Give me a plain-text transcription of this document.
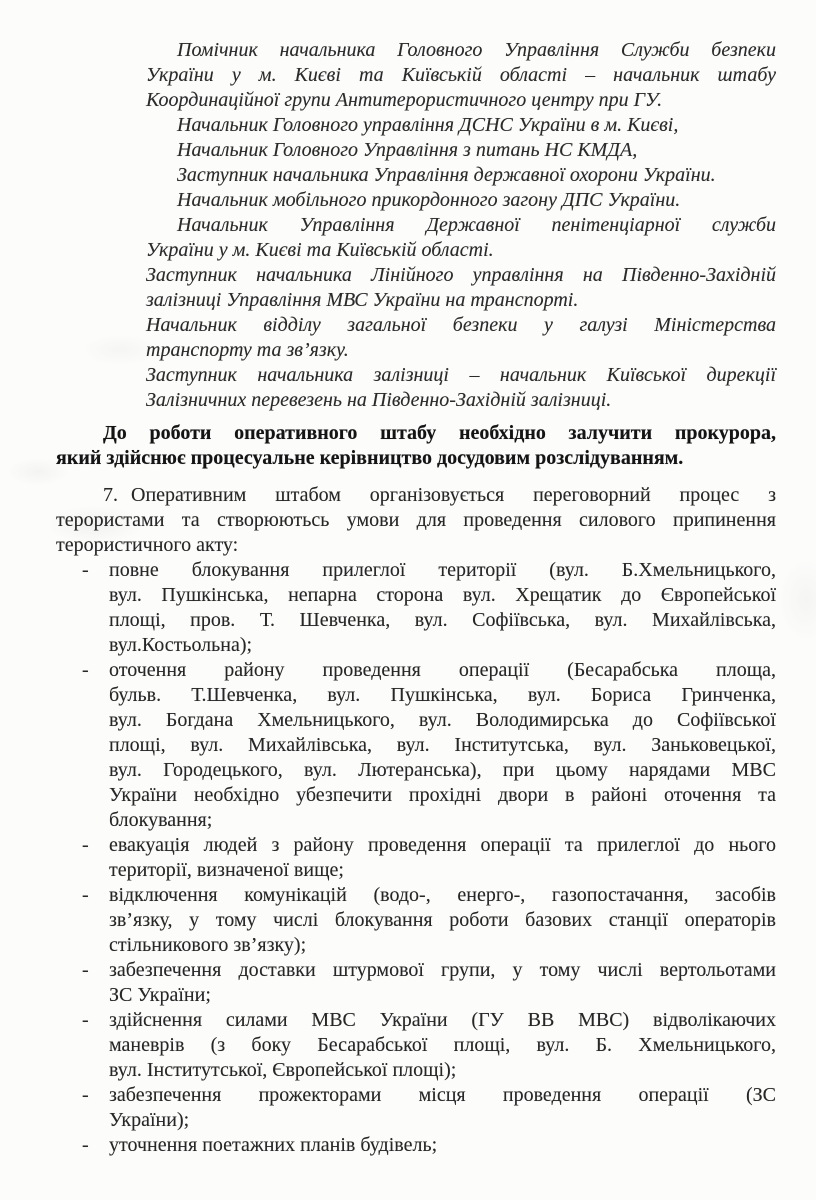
Помічник начальника Головного Управління Служби безпеки
України у м. Києві та Київській області – начальник штабу
Координаційної групи Антитерористичного центру при ГУ.
Начальник Головного управління ДСНС України в м. Києві,
Начальник Головного Управління з питань НС КМДА,
Заступник начальника Управління державної охорони України.
Начальник мобільного прикордонного загону ДПС України.
Начальник Управління Державної пенітенціарної служби
України у м. Києві та Київській області.
Заступник начальника Лінійного управління на Південно-Західній
залізниці Управління МВС України на транспорті.
Начальник відділу загальної безпеки у галузі Міністерства
транспорту та зв’язку.
Заступник начальника залізниці – начальник Київської дирекції
Залізничних перевезень на Південно-Західній залізниці.
До роботи оперативного штабу необхідно залучити прокурора,
який здійснює процесуальне керівництво досудовим розслідуванням.
7. Оперативним штабом організовується переговорний процес з
терористами та створюютьсь умови для проведення силового припинення
терористичного акту:
-	повне блокування прилеглої території (вул. Б.Хмельницького,
вул. Пушкінська, непарна сторона вул. Хрещатик до Європейської
площі, пров. Т. Шевченка, вул. Софіївська, вул. Михайлівська,
вул.Костьольна);
-	оточення району проведення операції (Бесарабська площа,
бульв. Т.Шевченка, вул. Пушкінська, вул. Бориса Гринченка,
вул. Богдана Хмельницького, вул. Володимирська до Софіївської
площі, вул. Михайлівська, вул. Інститутська, вул. Заньковецької,
вул. Городецького, вул. Лютеранська), при цьому нарядами МВС
України необхідно убезпечити прохідні двори в районі оточення та
блокування;
-	евакуація людей з району проведення операції та прилеглої до нього
території, визначеної вище;
-	відключення комунікацій (водо-, енерго-, газопостачання, засобів
зв’язку, у тому числі блокування роботи базових станції операторів
стільникового зв’язку);
-	забезпечення доставки штурмової групи, у тому числі вертольотами
ЗС України;
-	здійснення силами МВС України (ГУ ВВ МВС) відволікаючих
маневрів (з боку Бесарабської площі, вул. Б. Хмельницького,
вул. Інститутської, Європейської площі);
-	забезпечення прожекторами місця проведення операції (ЗС
України);
-	уточнення поетажних планів будівель;
